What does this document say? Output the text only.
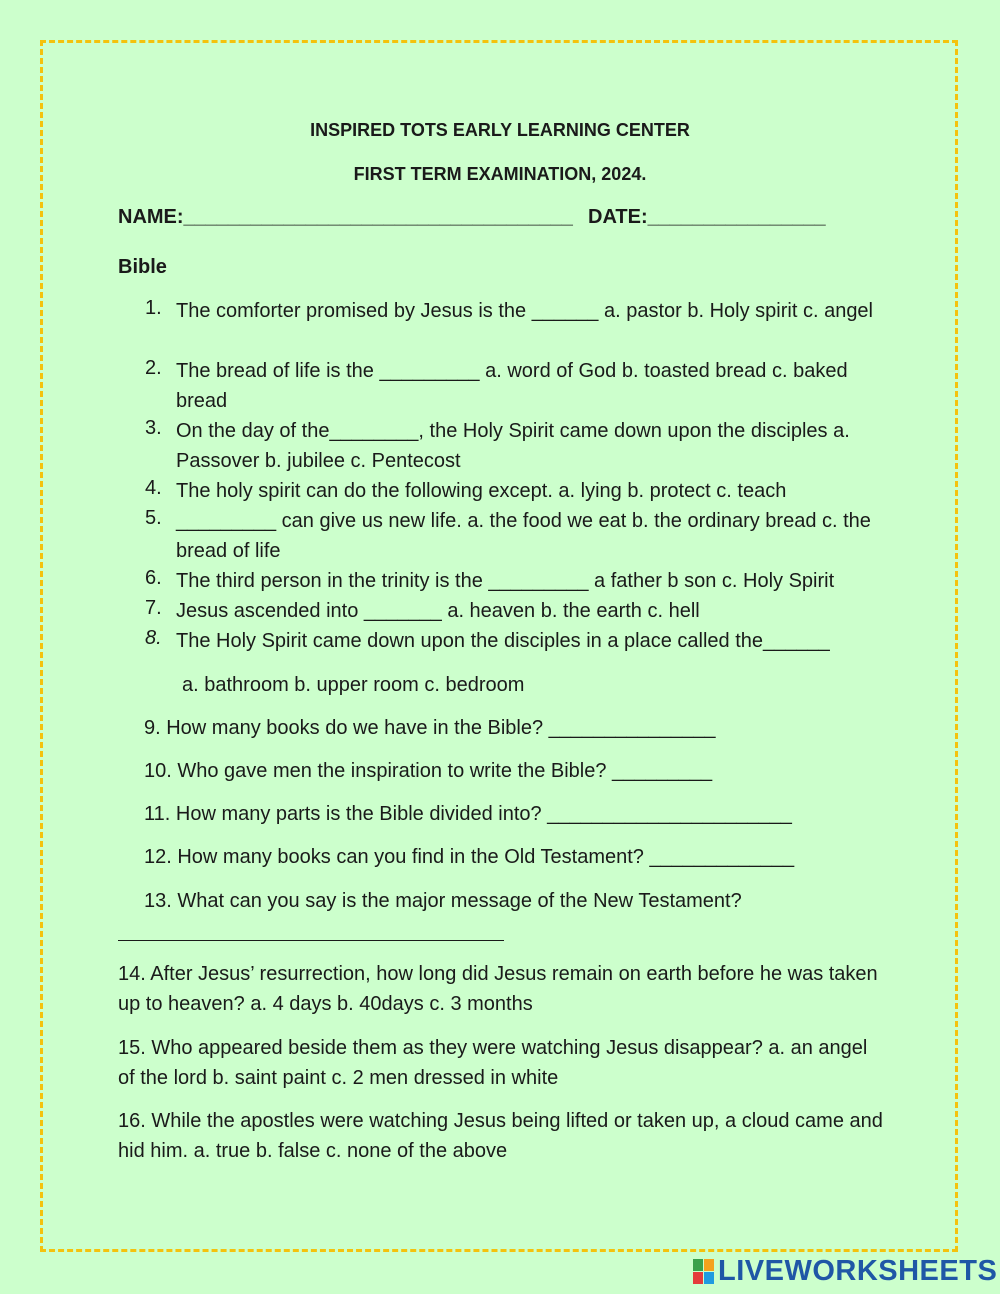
INSPIRED TOTS EARLY LEARNING CENTER
FIRST TERM EXAMINATION, 2024.
NAME:___________________________________ DATE:________________
Bible
1. The comforter promised by Jesus is the ______ a. pastor b. Holy spirit c. angel
2. The bread of life is the _________ a. word of God b. toasted bread c. baked bread
3. On the day of the________, the Holy Spirit came down upon the disciples a. Passover b. jubilee c. Pentecost
4. The holy spirit can do the following except. a. lying b. protect c. teach
5. _________ can give us new life. a. the food we eat b. the ordinary bread c. the bread of life
6. The third person in the trinity is the _________ a father b son c. Holy Spirit
7. Jesus ascended into _______ a. heaven b. the earth c. hell
8. The Holy Spirit came down upon the disciples in a place called the______
a. bathroom b. upper room c. bedroom
9. How many books do we have in the Bible? _______________
10. Who gave men the inspiration to write the Bible? _________
11. How many parts is the Bible divided into? ______________________
12. How many books can you find in the Old Testament? _____________
13. What can you say is the major message of the New Testament?
14. After Jesus’ resurrection, how long did Jesus remain on earth before he was taken up to heaven? a. 4 days b. 40days c. 3 months
15. Who appeared beside them as they were watching Jesus disappear? a. an angel of the lord b. saint paint c. 2 men dressed in white
16. While the apostles were watching Jesus being lifted or taken up, a cloud came and hid him. a. true b. false c. none of the above
LIVEWORKSHEETS
